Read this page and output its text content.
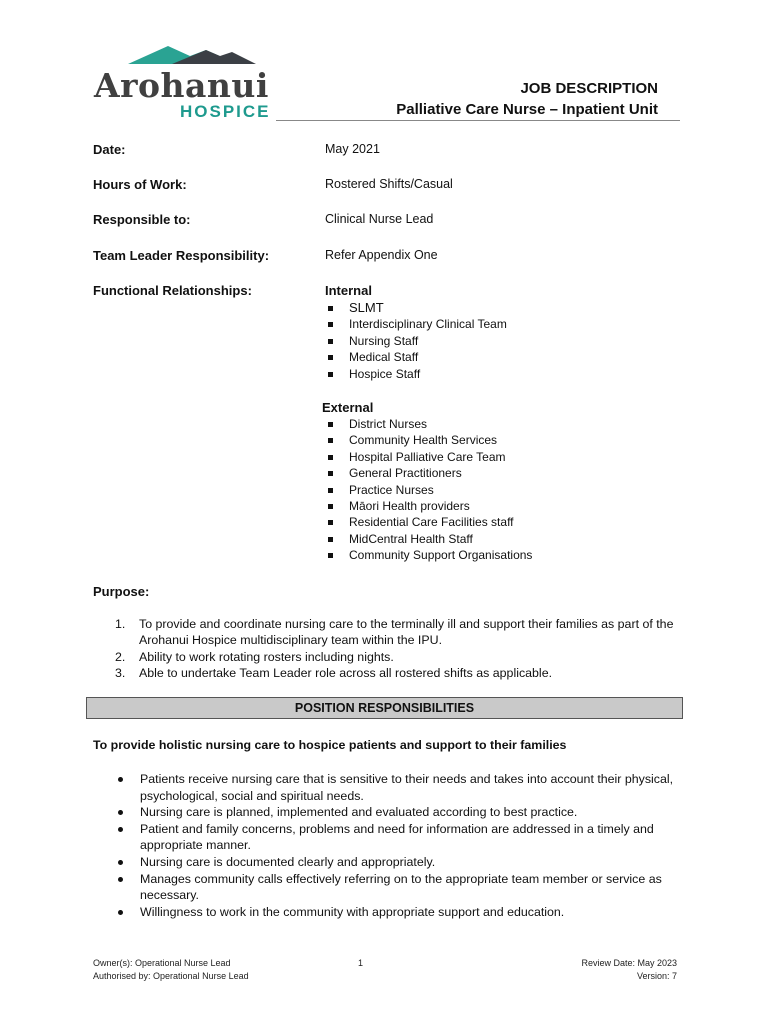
Arohanui
HOSPICE
JOB DESCRIPTION
Palliative Care Nurse – Inpatient Unit
Date:	May 2021
Hours of Work:	Rostered Shifts/Casual
Responsible to:	Clinical Nurse Lead
Team Leader Responsibility:	Refer Appendix One
Functional Relationships:	Internal
SLMT
Interdisciplinary Clinical Team
Nursing Staff
Medical Staff
Hospice Staff
External
District Nurses
Community Health Services
Hospital Palliative Care Team
General Practitioners
Practice Nurses
Māori Health providers
Residential Care Facilities staff
MidCentral Health Staff
Community Support Organisations
Purpose:
1. To provide and coordinate nursing care to the terminally ill and support their families as part of the Arohanui Hospice multidisciplinary team within the IPU.
2. Ability to work rotating rosters including nights.
3. Able to undertake Team Leader role across all rostered shifts as applicable.
POSITION RESPONSIBILITIES
To provide holistic nursing care to hospice patients and support to their families
Patients receive nursing care that is sensitive to their needs and takes into account their physical, psychological, social and spiritual needs.
Nursing care is planned, implemented and evaluated according to best practice.
Patient and family concerns, problems and need for information are addressed in a timely and appropriate manner.
Nursing care is documented clearly and appropriately.
Manages community calls effectively referring on to the appropriate team member or service as necessary.
Willingness to work in the community with appropriate support and education.
Owner(s): Operational Nurse Lead
Authorised by: Operational Nurse Lead
1	Review Date: May 2023
Version: 7
